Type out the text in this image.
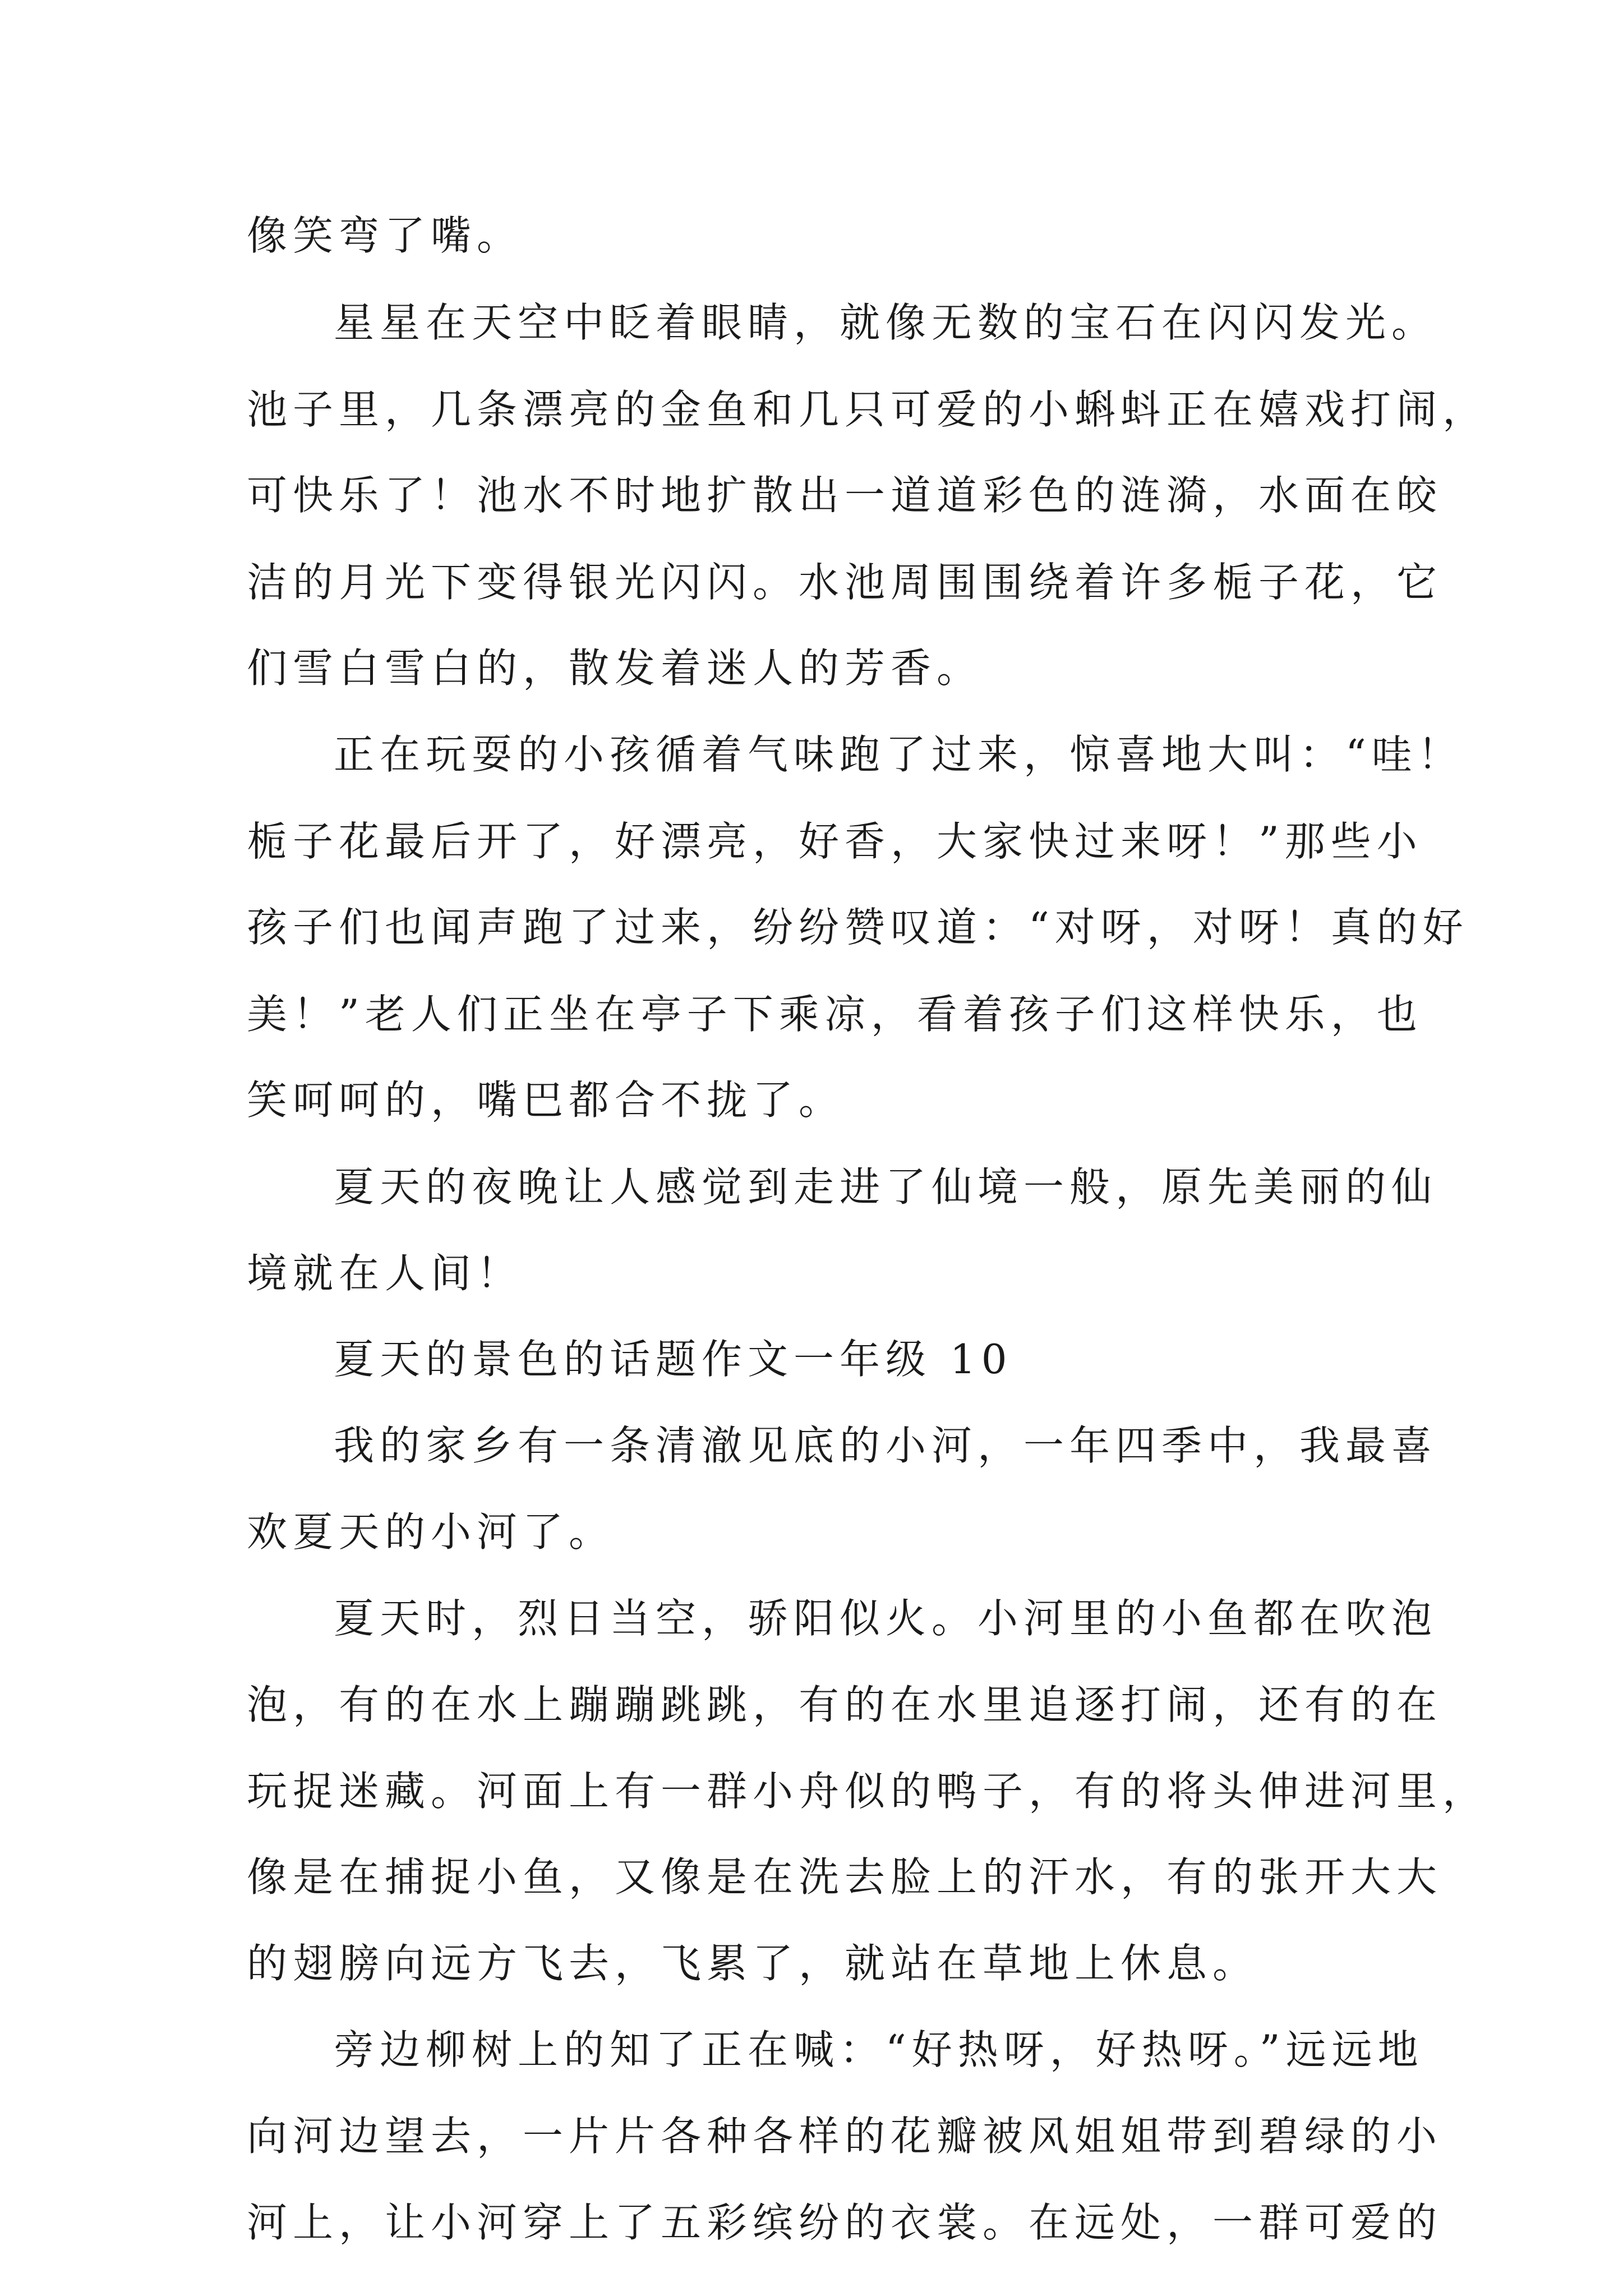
像笑弯了嘴。
星星在天空中眨着眼睛，就像无数的宝石在闪闪发光。
池子里，几条漂亮的金鱼和几只可爱的小蝌蚪正在嬉戏打闹，
可快乐了！池水不时地扩散出一道道彩色的涟漪，水面在皎
洁的月光下变得银光闪闪。水池周围围绕着许多栀子花，它
们雪白雪白的，散发着迷人的芳香。
正在玩耍的小孩循着气味跑了过来，惊喜地大叫：“哇！
栀子花最后开了，好漂亮，好香，大家快过来呀！”那些小
孩子们也闻声跑了过来，纷纷赞叹道：“对呀，对呀！真的好
美！”老人们正坐在亭子下乘凉，看着孩子们这样快乐，也
笑呵呵的，嘴巴都合不拢了。
夏天的夜晚让人感觉到走进了仙境一般，原先美丽的仙
境就在人间！
夏天的景色的话题作文一年级 10
我的家乡有一条清澈见底的小河，一年四季中，我最喜
欢夏天的小河了。
夏天时，烈日当空，骄阳似火。小河里的小鱼都在吹泡
泡，有的在水上蹦蹦跳跳，有的在水里追逐打闹，还有的在
玩捉迷藏。河面上有一群小舟似的鸭子，有的将头伸进河里，
像是在捕捉小鱼，又像是在洗去脸上的汗水，有的张开大大
的翅膀向远方飞去，飞累了，就站在草地上休息。
旁边柳树上的知了正在喊：“好热呀，好热呀。”远远地
向河边望去，一片片各种各样的花瓣被风姐姐带到碧绿的小
河上，让小河穿上了五彩缤纷的衣裳。在远处，一群可爱的
